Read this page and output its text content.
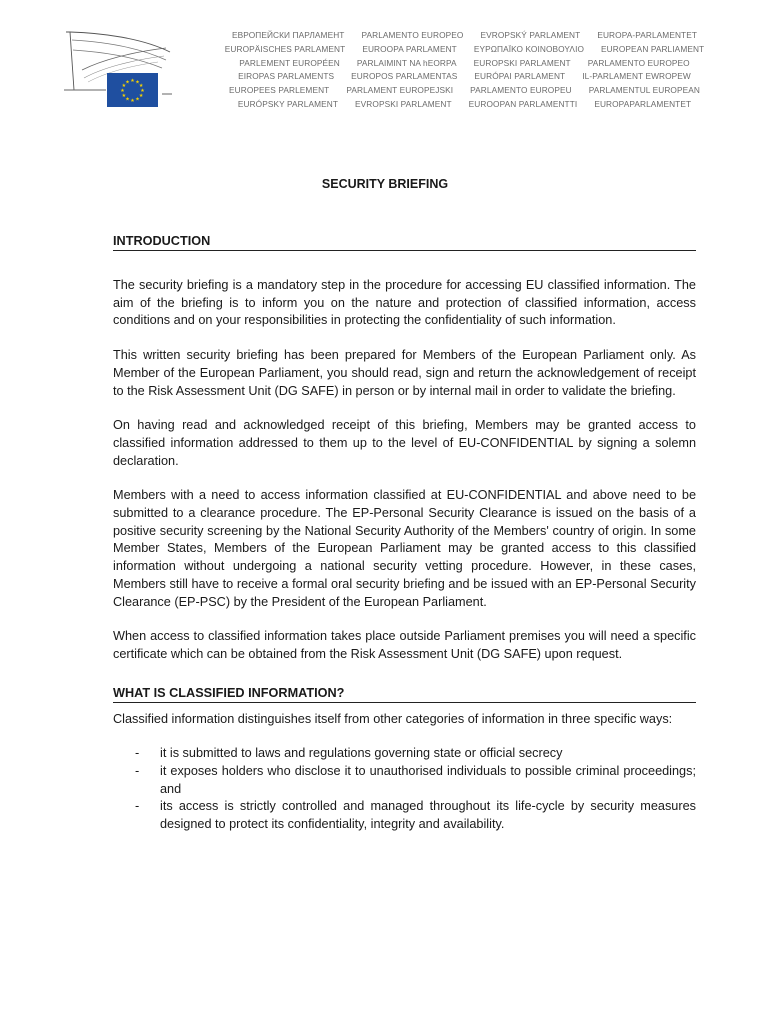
★ ★
★
★
★
★
★
★
★
★
★
★
ЕВРОПЕЙСКИ ПАРЛАМЕНТ PARLAMENTO EUROPEO EVROPSKÝ PARLAMENT EUROPA-PARLAMENTET
EUROPÄISCHES PARLAMENT EUROOPA PARLAMENT ΕΥΡΩΠΑΪΚΟ ΚΟΙΝΟΒΟΥΛΙΟ EUROPEAN PARLIAMENT
PARLEMENT EUROPÉEN PARLAIMINT NA hEORPA EUROPSKI PARLAMENT PARLAMENTO EUROPEO
EIROPAS PARLAMENTS EUROPOS PARLAMENTAS EURÓPAI PARLAMENT IL-PARLAMENT EWROPEW
EUROPEES PARLEMENT PARLAMENT EUROPEJSKI PARLAMENTO EUROPEU PARLAMENTUL EUROPEAN
EURÓPSKY PARLAMENT EVROPSKI PARLAMENT EUROOPAN PARLAMENTTI EUROPAPARLAMENTET
SECURITY BRIEFING
INTRODUCTION

The security briefing is a mandatory step in the procedure for accessing EU classified information. The aim of the briefing is to inform you on the nature and protection of classified information, access conditions and on your responsibilities in protecting the confidentiality of such information.

This written security briefing has been prepared for Members of the European Parliament only. As Member of the European Parliament, you should read, sign and return the acknowledgement of receipt to the Risk Assessment Unit (DG SAFE) in person or by internal mail in order to validate the briefing.

On having read and acknowledged receipt of this briefing, Members may be granted access to classified information addressed to them up to the level of EU-CONFIDENTIAL by signing a solemn declaration.

Members with a need to access information classified at EU-CONFIDENTIAL and above need to be submitted to a clearance procedure. The EP-Personal Security Clearance is issued on the basis of a positive security screening by the National Security Authority of the Members' country of origin. In some Member States, Members of the European Parliament may be granted access to this classified information without undergoing a national security vetting procedure. However, in these cases, Members still have to receive a formal oral security briefing and be issued with an EP-Personal Security Clearance (EP-PSC) by the President of the European Parliament.

When access to classified information takes place outside Parliament premises you will need a specific certificate which can be obtained from the Risk Assessment Unit (DG SAFE) upon request.

WHAT IS CLASSIFIED INFORMATION?

Classified information distinguishes itself from other categories of information in three specific ways:

- it is submitted to laws and regulations governing state or official secrecy
- it exposes holders who disclose it to unauthorised individuals to possible criminal proceedings; and
- its access is strictly controlled and managed throughout its life-cycle by security measures designed to protect its confidentiality, integrity and availability.
